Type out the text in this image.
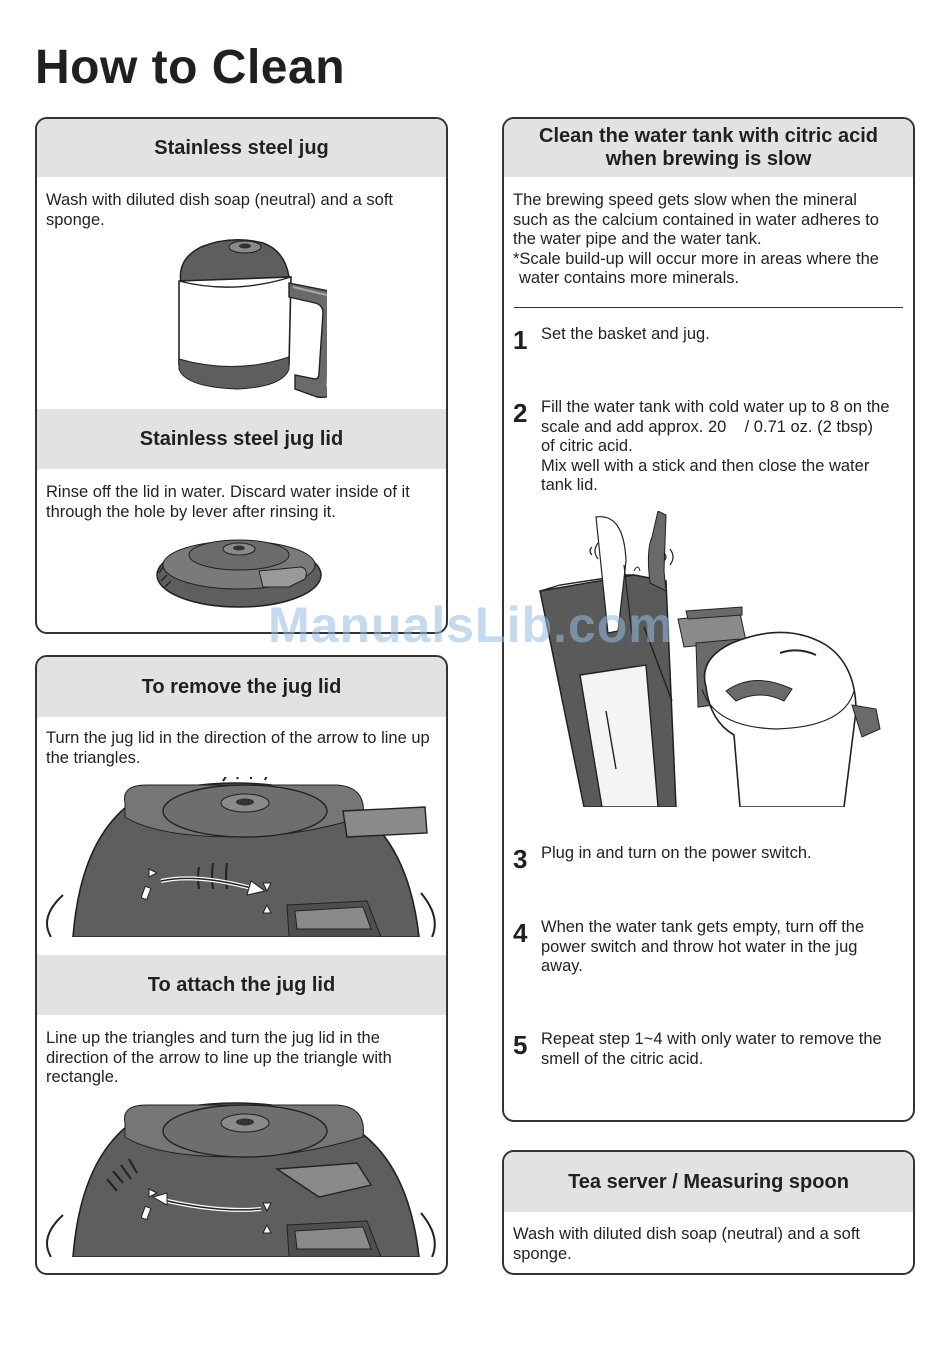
How to Clean
Stainless steel jug
Wash with diluted dish soap (neutral) and a soft sponge.
Stainless steel jug lid
Rinse off the lid in water. Discard water inside of it through the hole by lever after rinsing it.
To remove the jug lid
Turn the jug lid in the direction of the arrow to line up the triangles.
To attach the jug lid
Line up the triangles and turn the jug lid in the direction of the arrow to line up the triangle with rectangle.
Clean the water tank with citric acid
when brewing is slow
The brewing speed gets slow when the mineral
such as the calcium contained in water adheres to
the water pipe and the water tank.
*Scale build-up will occur more in areas where the
water contains more minerals.
1 Set the basket and jug.
2 Fill the water tank with cold water up to 8 on the
scale and add approx. 20    / 0.71 oz. (2 tbsp)
of citric acid.
Mix well with a stick and then close the water
tank lid.
3 Plug in and turn on the power switch.
4 When the water tank gets empty, turn off the
power switch and throw hot water in the jug
away.
5 Repeat step 1~4 with only water to remove the
smell of the citric acid.
Tea server / Measuring spoon
Wash with diluted dish soap (neutral) and a soft sponge.
ManualsLib.com
